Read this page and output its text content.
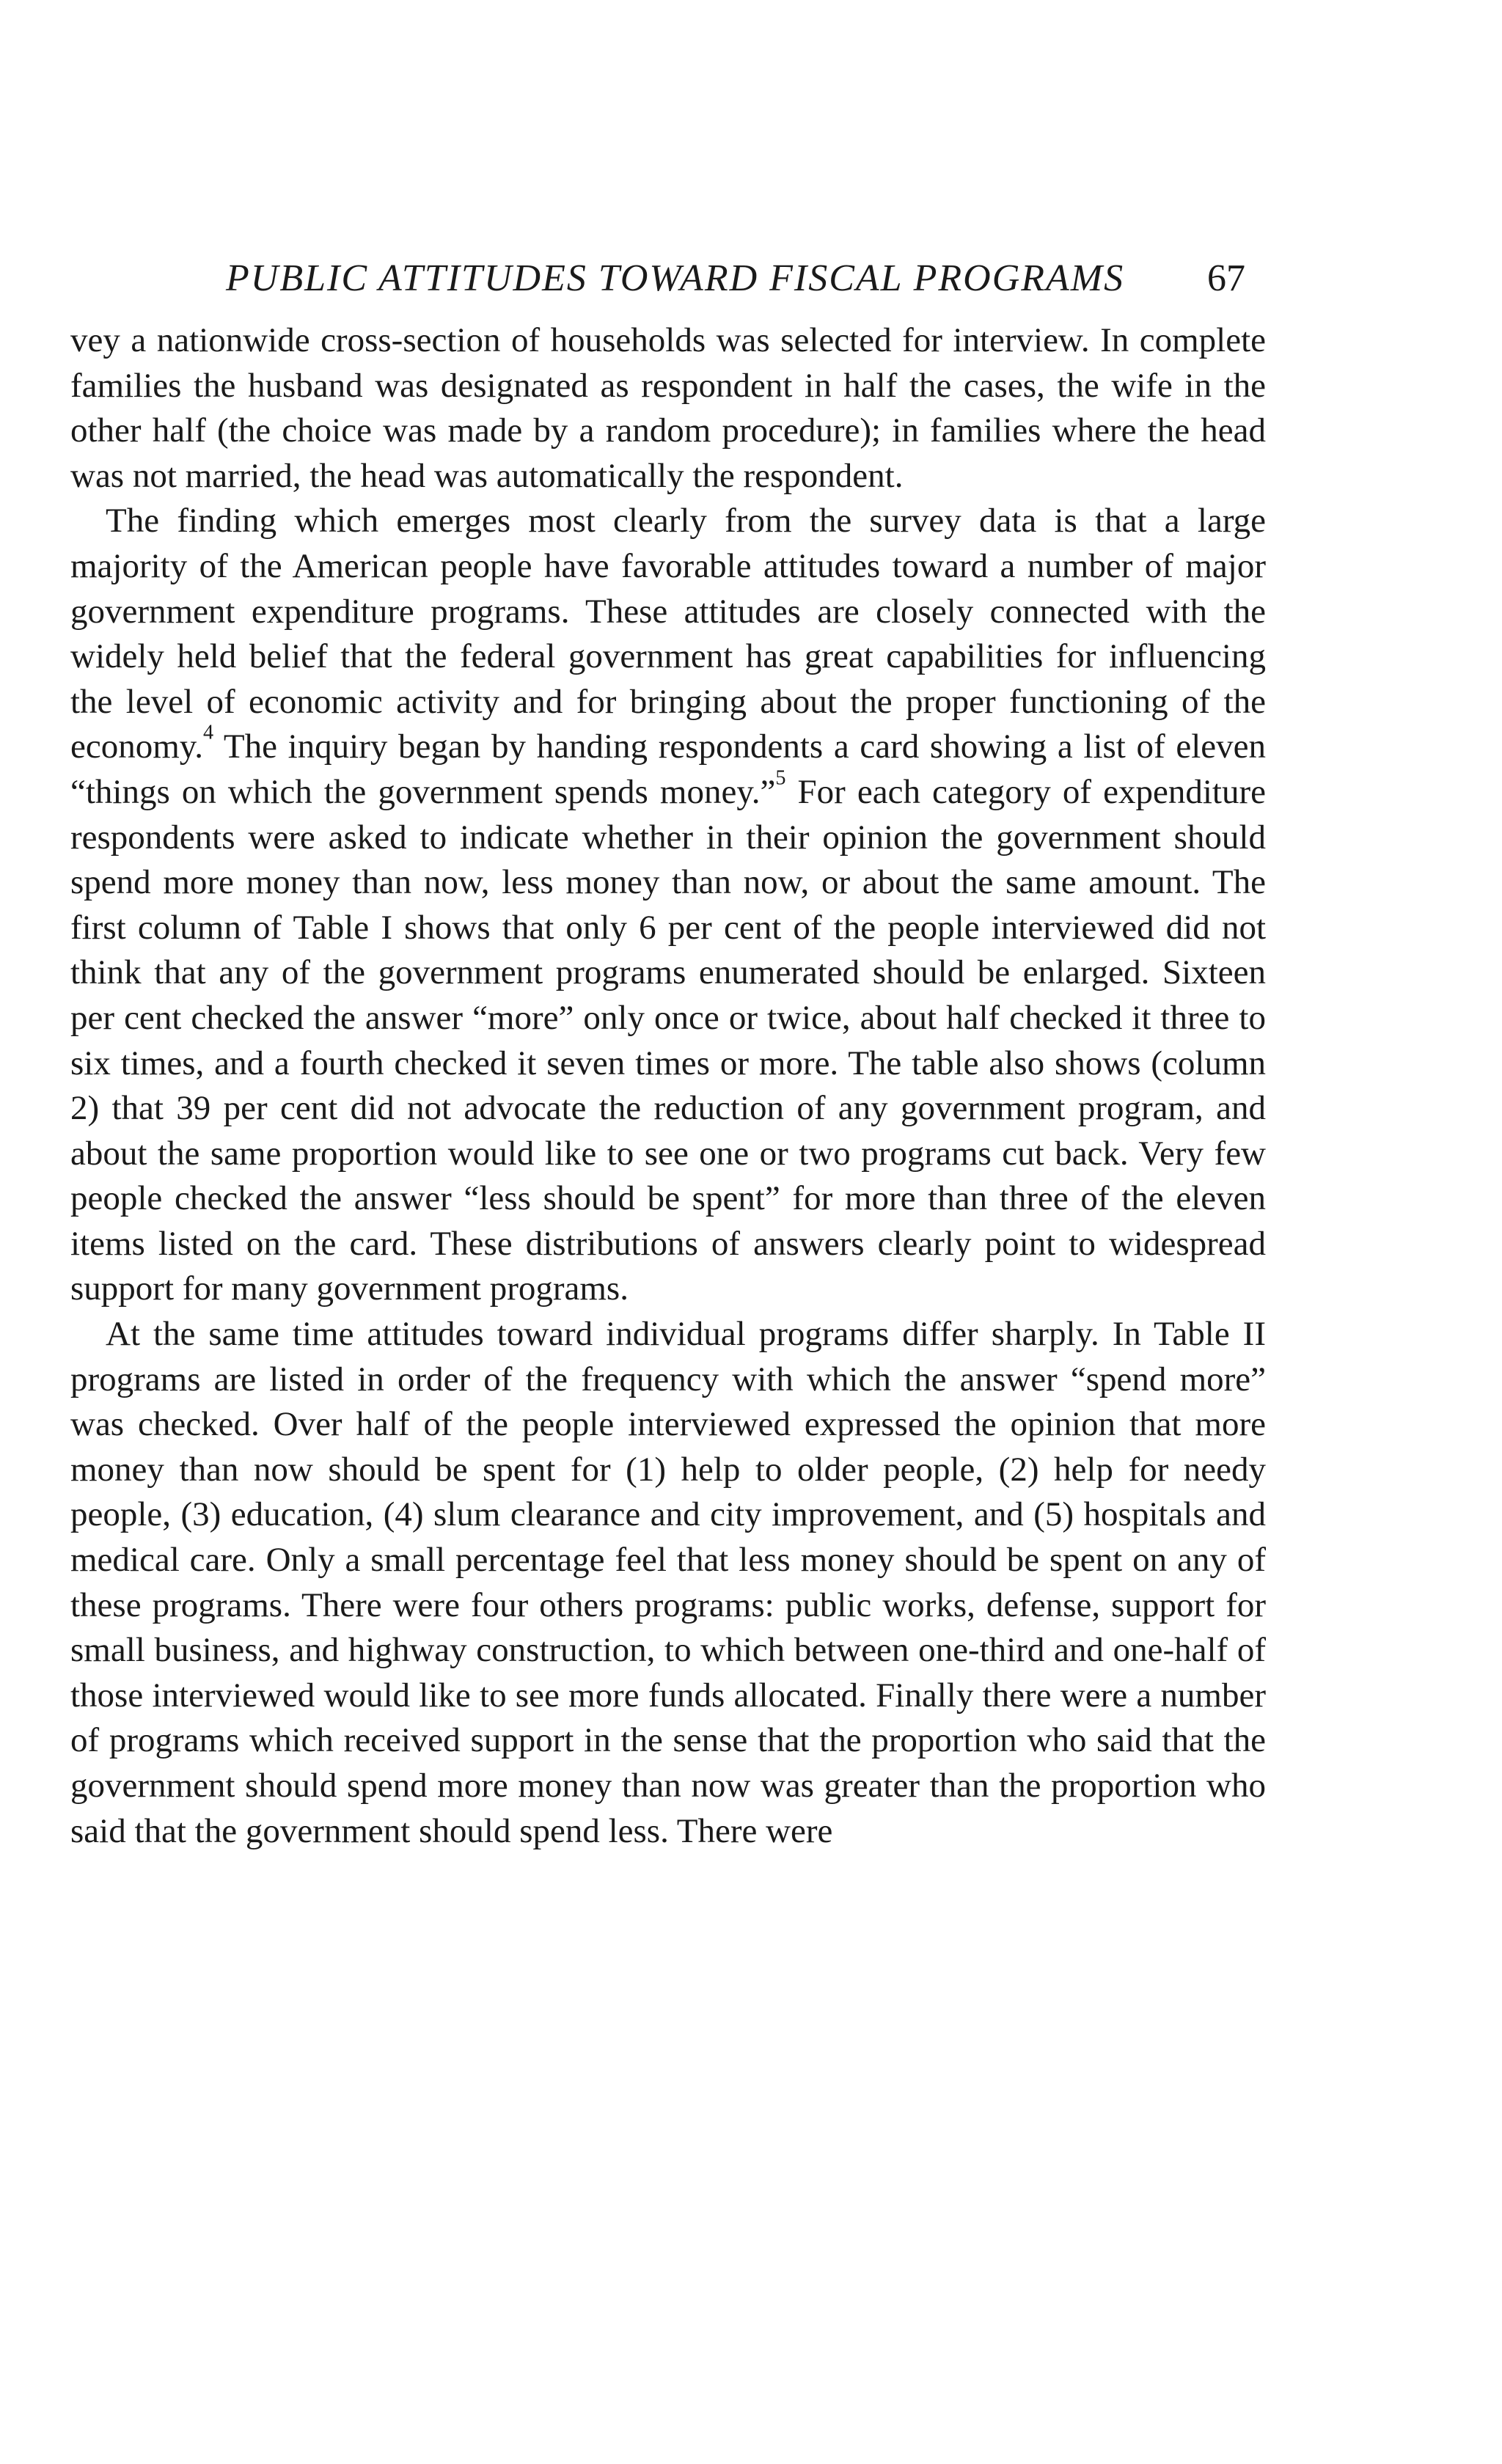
PUBLIC ATTITUDES TOWARD FISCAL PROGRAMS 67

vey a nationwide cross-section of households was selected for interview. In complete families the husband was designated as respondent in half the cases, the wife in the other half (the choice was made by a random procedure); in families where the head was not married, the head was automatically the respondent.

The finding which emerges most clearly from the survey data is that a large majority of the American people have favorable attitudes toward a number of major government expenditure programs. These attitudes are closely connected with the widely held belief that the federal government has great capabilities for influencing the level of economic activity and for bringing about the proper functioning of the economy.$^4$ The inquiry began by handing respondents a card showing a list of eleven “things on which the government spends money.”$^5$ For each category of expenditure respondents were asked to indicate whether in their opinion the government should spend more money than now, less money than now, or about the same amount. The first column of Table I shows that only 6 per cent of the people interviewed did not think that any of the government programs enumerated should be enlarged. Sixteen per cent checked the answer “more” only once or twice, about half checked it three to six times, and a fourth checked it seven times or more. The table also shows (column 2) that 39 per cent did not advocate the reduction of any government program, and about the same proportion would like to see one or two programs cut back. Very few people checked the answer “less should be spent” for more than three of the eleven items listed on the card. These distributions of answers clearly point to widespread support for many government programs.

At the same time attitudes toward individual programs differ sharply. In Table II programs are listed in order of the frequency with which the answer “spend more” was checked. Over half of the people interviewed expressed the opinion that more money than now should be spent for (1) help to older people, (2) help for needy people, (3) education, (4) slum clearance and city improvement, and (5) hospitals and medical care. Only a small percentage feel that less money should be spent on any of these programs. There were four others programs: public works, defense, support for small business, and highway construction, to which between one-third and one-half of those interviewed would like to see more funds allocated. Finally there were a number of programs which received support in the sense that the proportion who said that the government should spend more money than now was greater than the proportion who said that the government should spend less. There were
